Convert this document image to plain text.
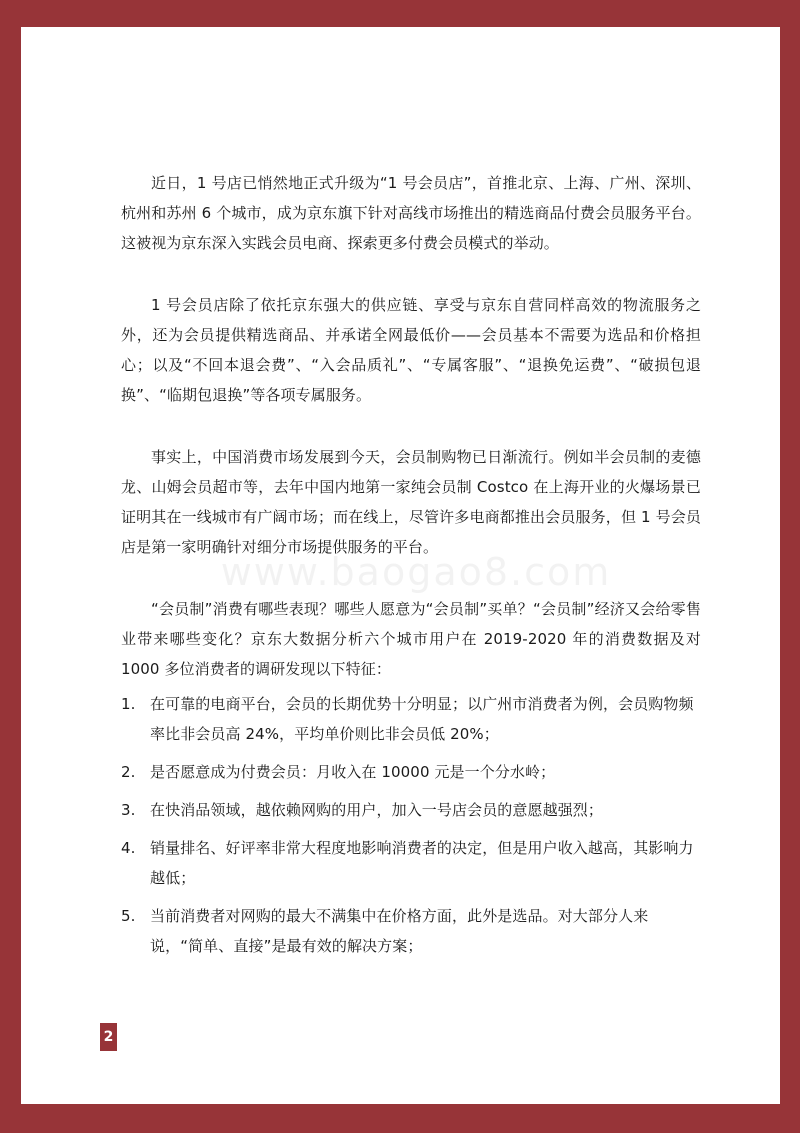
近日，1 号店已悄然地正式升级为“1 号会员店”，首推北京、上海、广州、深圳、杭州和苏州 6 个城市，成为京东旗下针对高线市场推出的精选商品付费会员服务平台。这被视为京东深入实践会员电商、探索更多付费会员模式的举动。

1 号会员店除了依托京东强大的供应链、享受与京东自营同样高效的物流服务之外，还为会员提供精选商品、并承诺全网最低价——会员基本不需要为选品和价格担心；以及“不回本退会费”、“入会品质礼”、“专属客服”、“退换免运费”、“破损包退换”、“临期包退换”等各项专属服务。

事实上，中国消费市场发展到今天，会员制购物已日渐流行。例如半会员制的麦德龙、山姆会员超市等，去年中国内地第一家纯会员制 Costco 在上海开业的火爆场景已证明其在一线城市有广阔市场；而在线上，尽管许多电商都推出会员服务，但 1 号会员店是第一家明确针对细分市场提供服务的平台。

“会员制”消费有哪些表现？哪些人愿意为“会员制”买单？“会员制”经济又会给零售业带来哪些变化？京东大数据分析六个城市用户在 2019-2020 年的消费数据及对 1000 多位消费者的调研发现以下特征：

1. 在可靠的电商平台，会员的长期优势十分明显；以广州市消费者为例，会员购物频率比非会员高 24%，平均单价则比非会员低 20%；
2. 是否愿意成为付费会员：月收入在 10000 元是一个分水岭；
3. 在快消品领域，越依赖网购的用户，加入一号店会员的意愿越强烈；
4. 销量排名、好评率非常大程度地影响消费者的决定，但是用户收入越高，其影响力越低；
5. 当前消费者对网购的最大不满集中在价格方面，此外是选品。对大部分人来说，“简单、直接”是最有效的解决方案；
www.baogao8.com
2
